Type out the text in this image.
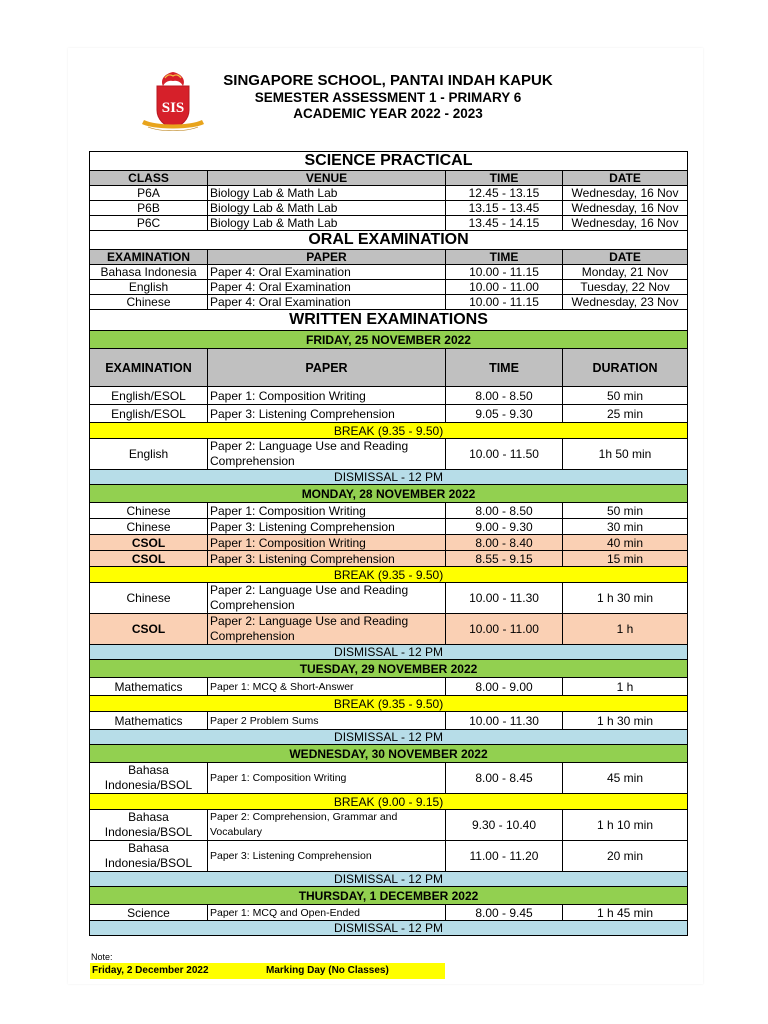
SIS
SINGAPORE SCHOOL, PANTAI INDAH KAPUK
SEMESTER ASSESSMENT 1 - PRIMARY 6
ACADEMIC YEAR 2022 - 2023
SCIENCE PRACTICAL			
CLASS	VENUE	TIME	DATE
P6A	Biology Lab & Math Lab	12.45 - 13.15	Wednesday, 16 Nov
P6B	Biology Lab & Math Lab	13.15 - 13.45	Wednesday, 16 Nov
P6C	Biology Lab & Math Lab	13.45 - 14.15	Wednesday, 16 Nov
ORAL EXAMINATION			
EXAMINATION	PAPER	TIME	DATE
Bahasa Indonesia	Paper 4: Oral Examination	10.00 - 11.15	Monday, 21 Nov
English	Paper 4: Oral Examination	10.00 - 11.00	Tuesday, 22 Nov
Chinese	Paper 4: Oral Examination	10.00 - 11.15	Wednesday, 23 Nov
WRITTEN EXAMINATIONS			
FRIDAY, 25 NOVEMBER 2022			
EXAMINATION	PAPER	TIME	DURATION
English/ESOL	Paper 1: Composition Writing	8.00 - 8.50	50 min
English/ESOL	Paper 3: Listening Comprehension	9.05 - 9.30	25 min
BREAK (9.35 - 9.50)			
English	Paper 2: Language Use and Reading Comprehension	10.00 - 11.50	1h 50 min
DISMISSAL - 12 PM			
MONDAY, 28 NOVEMBER 2022			
Chinese	Paper 1: Composition Writing	8.00 - 8.50	50 min
Chinese	Paper 3: Listening Comprehension	9.00 - 9.30	30 min
CSOL	Paper 1: Composition Writing	8.00 - 8.40	40 min
CSOL	Paper 3: Listening Comprehension	8.55 - 9.15	15 min
BREAK (9.35 - 9.50)			
Chinese	Paper 2: Language Use and Reading Comprehension	10.00 - 11.30	1 h 30 min
CSOL	Paper 2: Language Use and Reading Comprehension	10.00 - 11.00	1 h
DISMISSAL - 12 PM			
TUESDAY, 29 NOVEMBER 2022			
Mathematics	Paper 1: MCQ & Short-Answer	8.00 - 9.00	1 h
BREAK (9.35 - 9.50)			
Mathematics	Paper 2 Problem Sums	10.00 - 11.30	1 h 30 min
DISMISSAL - 12 PM			
WEDNESDAY, 30 NOVEMBER 2022			
Bahasa Indonesia/BSOL	Paper 1: Composition Writing	8.00 - 8.45	45 min
BREAK (9.00 - 9.15)			
Bahasa Indonesia/BSOL	Paper 2: Comprehension, Grammar and Vocabulary	9.30 - 10.40	1 h 10 min
Bahasa Indonesia/BSOL	Paper 3: Listening Comprehension	11.00 - 11.20	20 min
DISMISSAL - 12 PM			
THURSDAY, 1 DECEMBER 2022			
Science	Paper 1: MCQ and Open-Ended	8.00 - 9.45	1 h 45 min
DISMISSAL - 12 PM			
Note:
Friday, 2 December 2022	Marking Day (No Classes)
